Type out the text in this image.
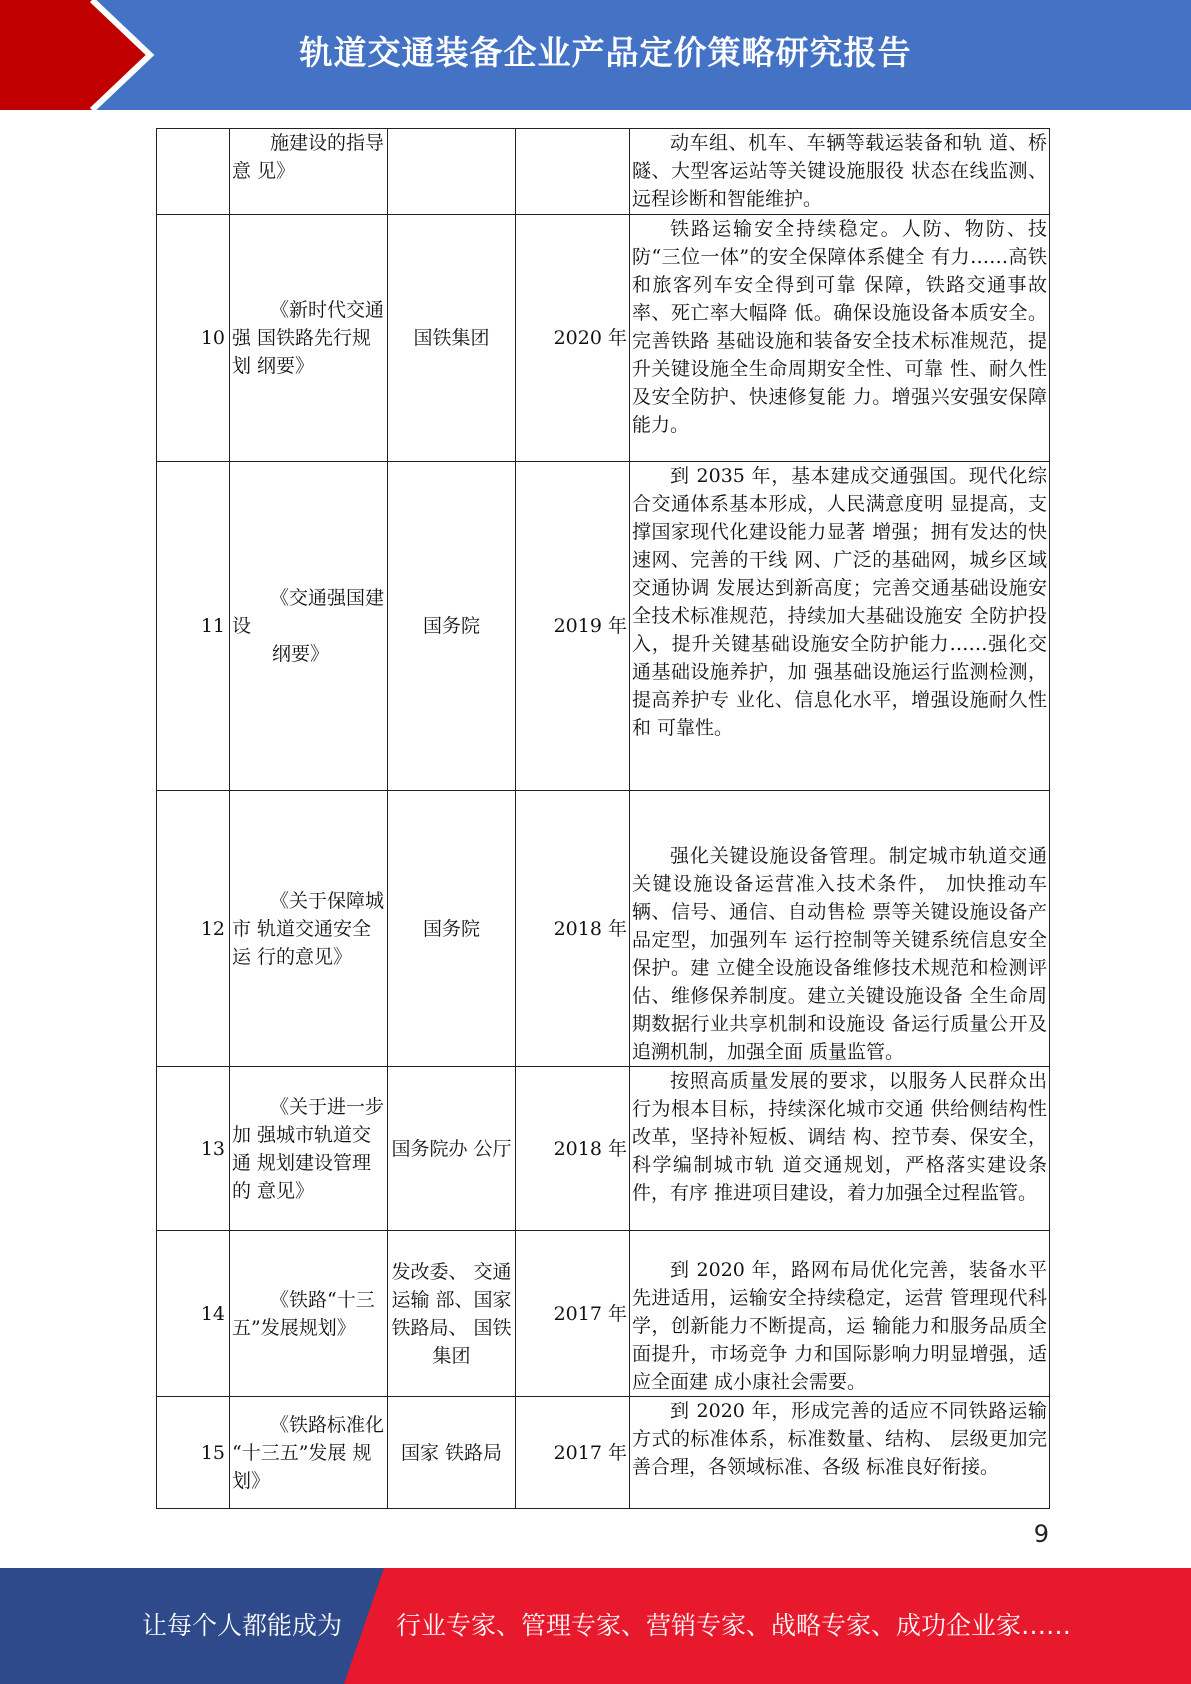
轨道交通装备企业产品定价策略研究报告

	施建设的指导意 见》			动车组、机车、车辆等载运装备和轨 道、桥隧、大型客运站等关键设施服役 状态在线监测、远程诊断和智能维护。

10	《新时代交通强 国铁路先行规划 纲要》	国铁集团	2020 年	铁路运输安全持续稳定。人防、物防、技防“三位一体”的安全保障体系健全 有力……高铁和旅客列车安全得到可靠 保障，铁路交通事故率、死亡率大幅降 低。确保设施设备本质安全。完善铁路 基础设施和装备安全技术标准规范，提 升关键设施全生命周期安全性、可靠 性、耐久性及安全防护、快速修复能 力。增强兴安强安保障能力。

11	《交通强国建设
纲要》	国务院	2019 年	到 2035 年，基本建成交通强国。现代化综合交通体系基本形成，人民满意度明 显提高，支撑国家现代化建设能力显著 增强；拥有发达的快速网、完善的干线 网、广泛的基础网，城乡区域交通协调 发展达到新高度；完善交通基础设施安 全技术标准规范，持续加大基础设施安 全防护投入，提升关键基础设施安全防护能力……强化交通基础设施养护，加 强基础设施运行监测检测，提高养护专 业化、信息化水平，增强设施耐久性和 可靠性。

12	《关于保障城市 轨道交通安全运 行的意见》	国务院	2018 年	强化关键设施设备管理。制定城市轨道交通关键设施设备运营准入技术条件， 加快推动车辆、信号、通信、自动售检 票等关键设施设备产品定型，加强列车 运行控制等关键系统信息安全保护。建 立健全设施设备维修技术规范和检测评 估、维修保养制度。建立关键设施设备 全生命周期数据行业共享机制和设施设 备运行质量公开及追溯机制，加强全面 质量监管。

13	《关于进一步加 强城市轨道交通 规划建设管理的 意见》	国务院办 公厅	2018 年	按照高质量发展的要求，以服务人民群众出行为根本目标，持续深化城市交通 供给侧结构性改革，坚持补短板、调结 构、控节奏、保安全，科学编制城市轨 道交通规划，严格落实建设条件，有序 推进项目建设，着力加强全过程监管。

14	《铁路“十三五”发展规划》	发改委、 交通运输 部、国家铁路局、 国铁集团	2017 年	到 2020 年，路网布局优化完善，装备水平先进适用，运输安全持续稳定，运营 管理现代科学，创新能力不断提高，运 输能力和服务品质全面提升，市场竞争 力和国际影响力明显增强，适应全面建 成小康社会需要。

15	《铁路标准化 “十三五”发展 规划》	国家 铁路局	2017 年	到 2020 年，形成完善的适应不同铁路运输方式的标准体系，标准数量、结构、 层级更加完善合理，各领域标准、各级 标准良好衔接。
9
让每个人都能成为 行业专家、管理专家、营销专家、战略专家、成功企业家……
